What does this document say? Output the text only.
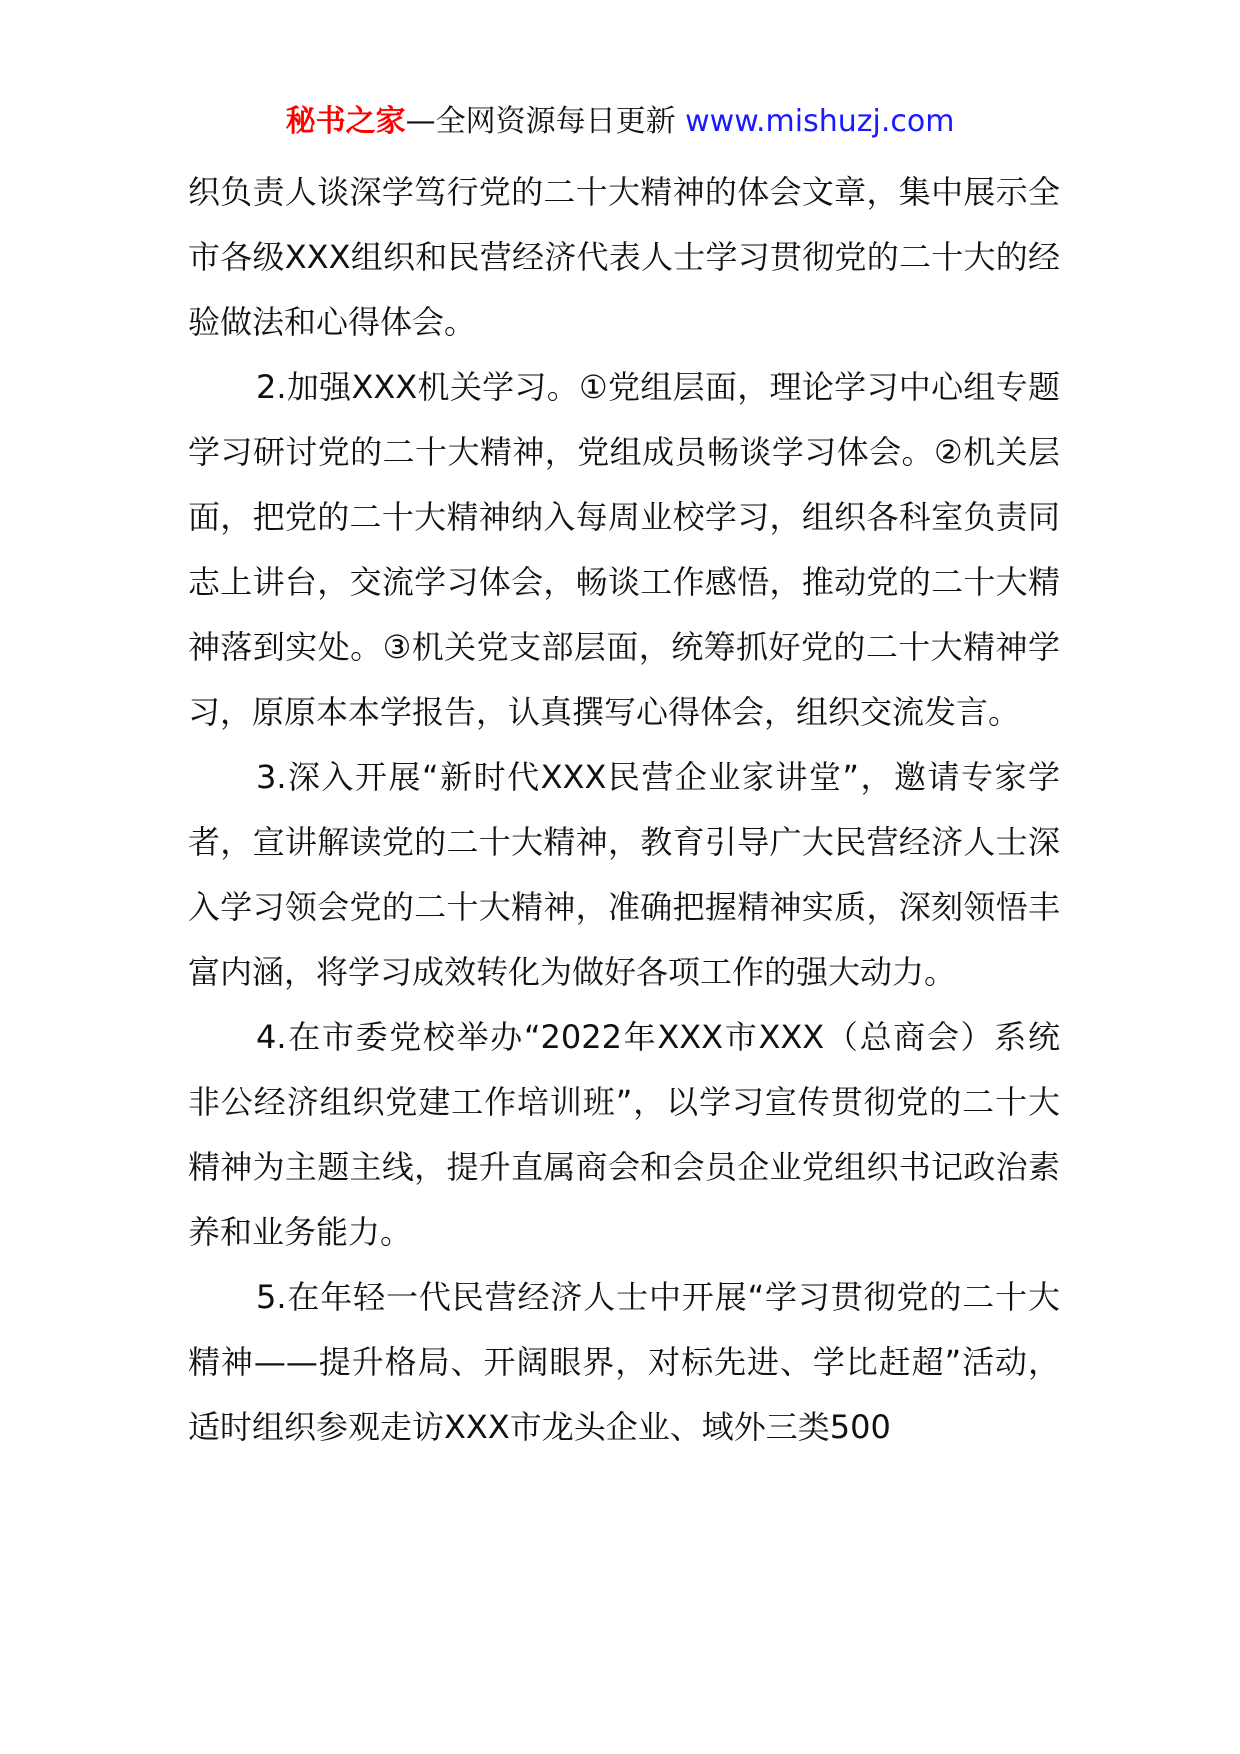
秘书之家—全网资源每日更新 www.mishuzj.com

织负责人谈深学笃行党的二十大精神的体会文章，集中展示全市各级XXX组织和民营经济代表人士学习贯彻党的二十大的经验做法和心得体会。

2.加强XXX机关学习。①党组层面，理论学习中心组专题学习研讨党的二十大精神，党组成员畅谈学习体会。②机关层面，把党的二十大精神纳入每周业校学习，组织各科室负责同志上讲台，交流学习体会，畅谈工作感悟，推动党的二十大精神落到实处。③机关党支部层面，统筹抓好党的二十大精神学习，原原本本学报告，认真撰写心得体会，组织交流发言。

3.深入开展“新时代XXX民营企业家讲堂”，邀请专家学者，宣讲解读党的二十大精神，教育引导广大民营经济人士深入学习领会党的二十大精神，准确把握精神实质，深刻领悟丰富内涵，将学习成效转化为做好各项工作的强大动力。

4.在市委党校举办“2022年XXX市XXX（总商会）系统非公经济组织党建工作培训班”，以学习宣传贯彻党的二十大精神为主题主线，提升直属商会和会员企业党组织书记政治素养和业务能力。

5.在年轻一代民营经济人士中开展“学习贯彻党的二十大精神——提升格局、开阔眼界，对标先进、学比赶超”活动，适时组织参观走访XXX市龙头企业、域外三类500
